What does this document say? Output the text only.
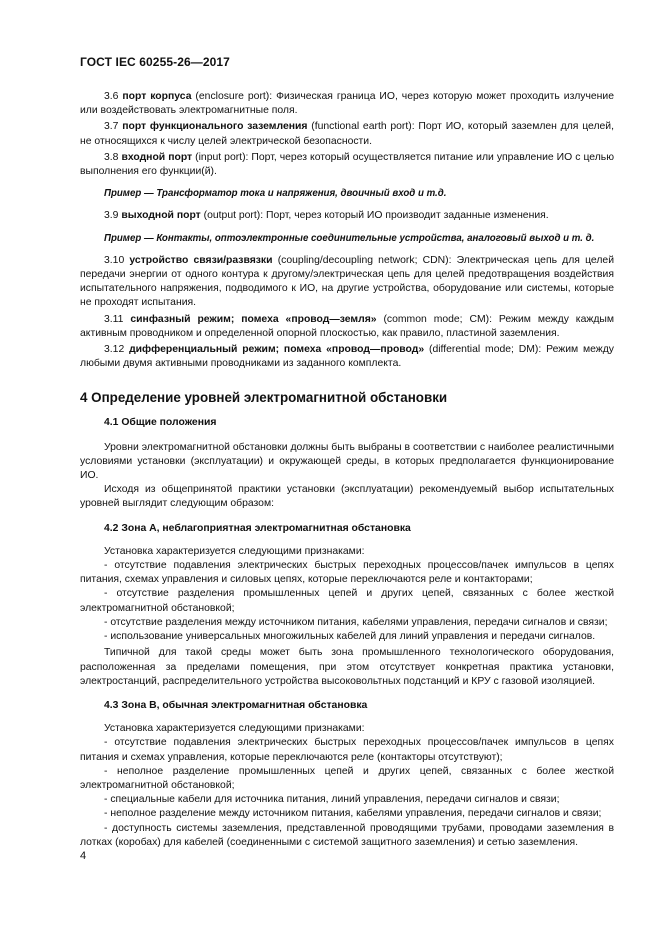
ГОСТ IEC 60255-26—2017

3.6 порт корпуса (enclosure port): Физическая граница ИО, через которую может проходить излучение или воздействовать электромагнитные поля.

3.7 порт функционального заземления (functional earth port): Порт ИО, который заземлен для целей, не относящихся к числу целей электрической безопасности.

3.8 входной порт (input port): Порт, через который осуществляется питание или управление ИО с целью выполнения его функции(й).

Пример — Трансформатор тока и напряжения, двоичный вход и т.д.

3.9 выходной порт (output port): Порт, через который ИО производит заданные изменения.

Пример — Контакты, оптоэлектронные соединительные устройства, аналоговый выход и т. д.

3.10 устройство связи/развязки (coupling/decoupling network; CDN): Электрическая цепь для целей передачи энергии от одного контура к другому/электрическая цепь для целей предотвращения воздействия испытательного напряжения, подводимого к ИО, на другие устройства, оборудование или системы, которые не проходят испытания.

3.11 синфазный режим; помеха «провод—земля» (common mode; CM): Режим между каждым активным проводником и определенной опорной плоскостью, как правило, пластиной заземления.

3.12 дифференциальный режим; помеха «провод—провод» (differential mode; DM): Режим между любыми двумя активными проводниками из заданного комплекта.

4 Определение уровней электромагнитной обстановки
4.1 Общие положения

Уровни электромагнитной обстановки должны быть выбраны в соответствии с наиболее реалистичными условиями установки (эксплуатации) и окружающей среды, в которых предполагается функционирование ИО.

Исходя из общепринятой практики установки (эксплуатации) рекомендуемый выбор испытательных уровней выглядит следующим образом:

4.2 Зона А, неблагоприятная электромагнитная обстановка

Установка характеризуется следующими признаками:

- отсутствие подавления электрических быстрых переходных процессов/пачек импульсов в цепях питания, схемах управления и силовых цепях, которые переключаются реле и контакторами;

- отсутствие разделения промышленных цепей и других цепей, связанных с более жесткой электромагнитной обстановкой;

- отсутствие разделения между источником питания, кабелями управления, передачи сигналов и связи;

- использование универсальных многожильных кабелей для линий управления и передачи сигналов.

Типичной для такой среды может быть зона промышленного технологического оборудования, расположенная за пределами помещения, при этом отсутствует конкретная практика установки, электростанций, распределительного устройства высоковольтных подстанций и КРУ с газовой изоляцией.

4.3 Зона В, обычная электромагнитная обстановка

Установка характеризуется следующими признаками:

- отсутствие подавления электрических быстрых переходных процессов/пачек импульсов в цепях питания и схемах управления, которые переключаются реле (контакторы отсутствуют);

- неполное разделение промышленных цепей и других цепей, связанных с более жесткой электромагнитной обстановкой;

- специальные кабели для источника питания, линий управления, передачи сигналов и связи;

- неполное разделение между источником питания, кабелями управления, передачи сигналов и связи;

- доступность системы заземления, представленной проводящими трубами, проводами заземления в лотках (коробах) для кабелей (соединенными с системой защитного заземления) и сетью заземления.

4
